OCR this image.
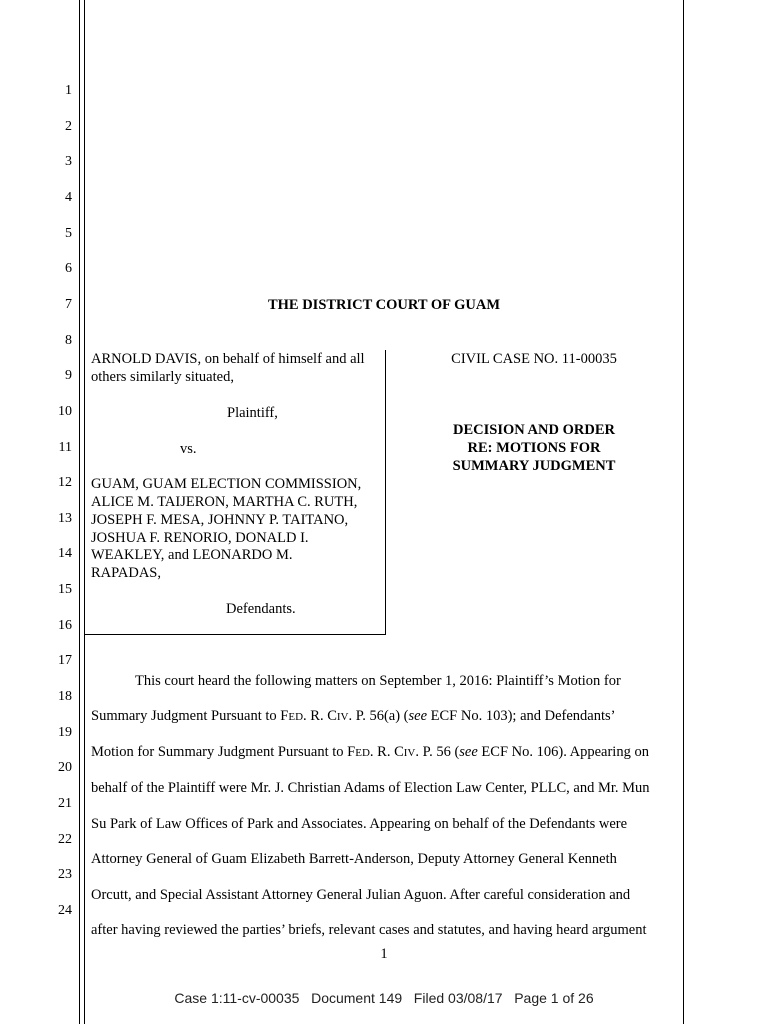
1
2
3
4
5
6
7
8
9
10
11
12
13
14
15
16
17
18
19
20
21
22
23
24
THE DISTRICT COURT OF GUAM
ARNOLD DAVIS, on behalf of himself and all
others similarly situated,
Plaintiff,
vs.
GUAM, GUAM ELECTION COMMISSION,
ALICE M. TAIJERON, MARTHA C. RUTH,
JOSEPH F. MESA, JOHNNY P. TAITANO,
JOSHUA F. RENORIO, DONALD I.
WEAKLEY, and LEONARDO M.
RAPADAS,
Defendants.
CIVIL CASE NO. 11-00035
DECISION AND ORDER
RE: MOTIONS FOR
SUMMARY JUDGMENT
This court heard the following matters on September 1, 2016: Plaintiff’s Motion for
Summary Judgment Pursuant to FED. R. CIV. P. 56(a) (see ECF No. 103); and Defendants’
Motion for Summary Judgment Pursuant to FED. R. CIV. P. 56 (see ECF No. 106). Appearing on
behalf of the Plaintiff were Mr. J. Christian Adams of Election Law Center, PLLC, and Mr. Mun
Su Park of Law Offices of Park and Associates. Appearing on behalf of the Defendants were
Attorney General of Guam Elizabeth Barrett-Anderson, Deputy Attorney General Kenneth
Orcutt, and Special Assistant Attorney General Julian Aguon. After careful consideration and
after having reviewed the parties’ briefs, relevant cases and statutes, and having heard argument
1
Case 1:11-cv-00035   Document 149   Filed 03/08/17   Page 1 of 26
